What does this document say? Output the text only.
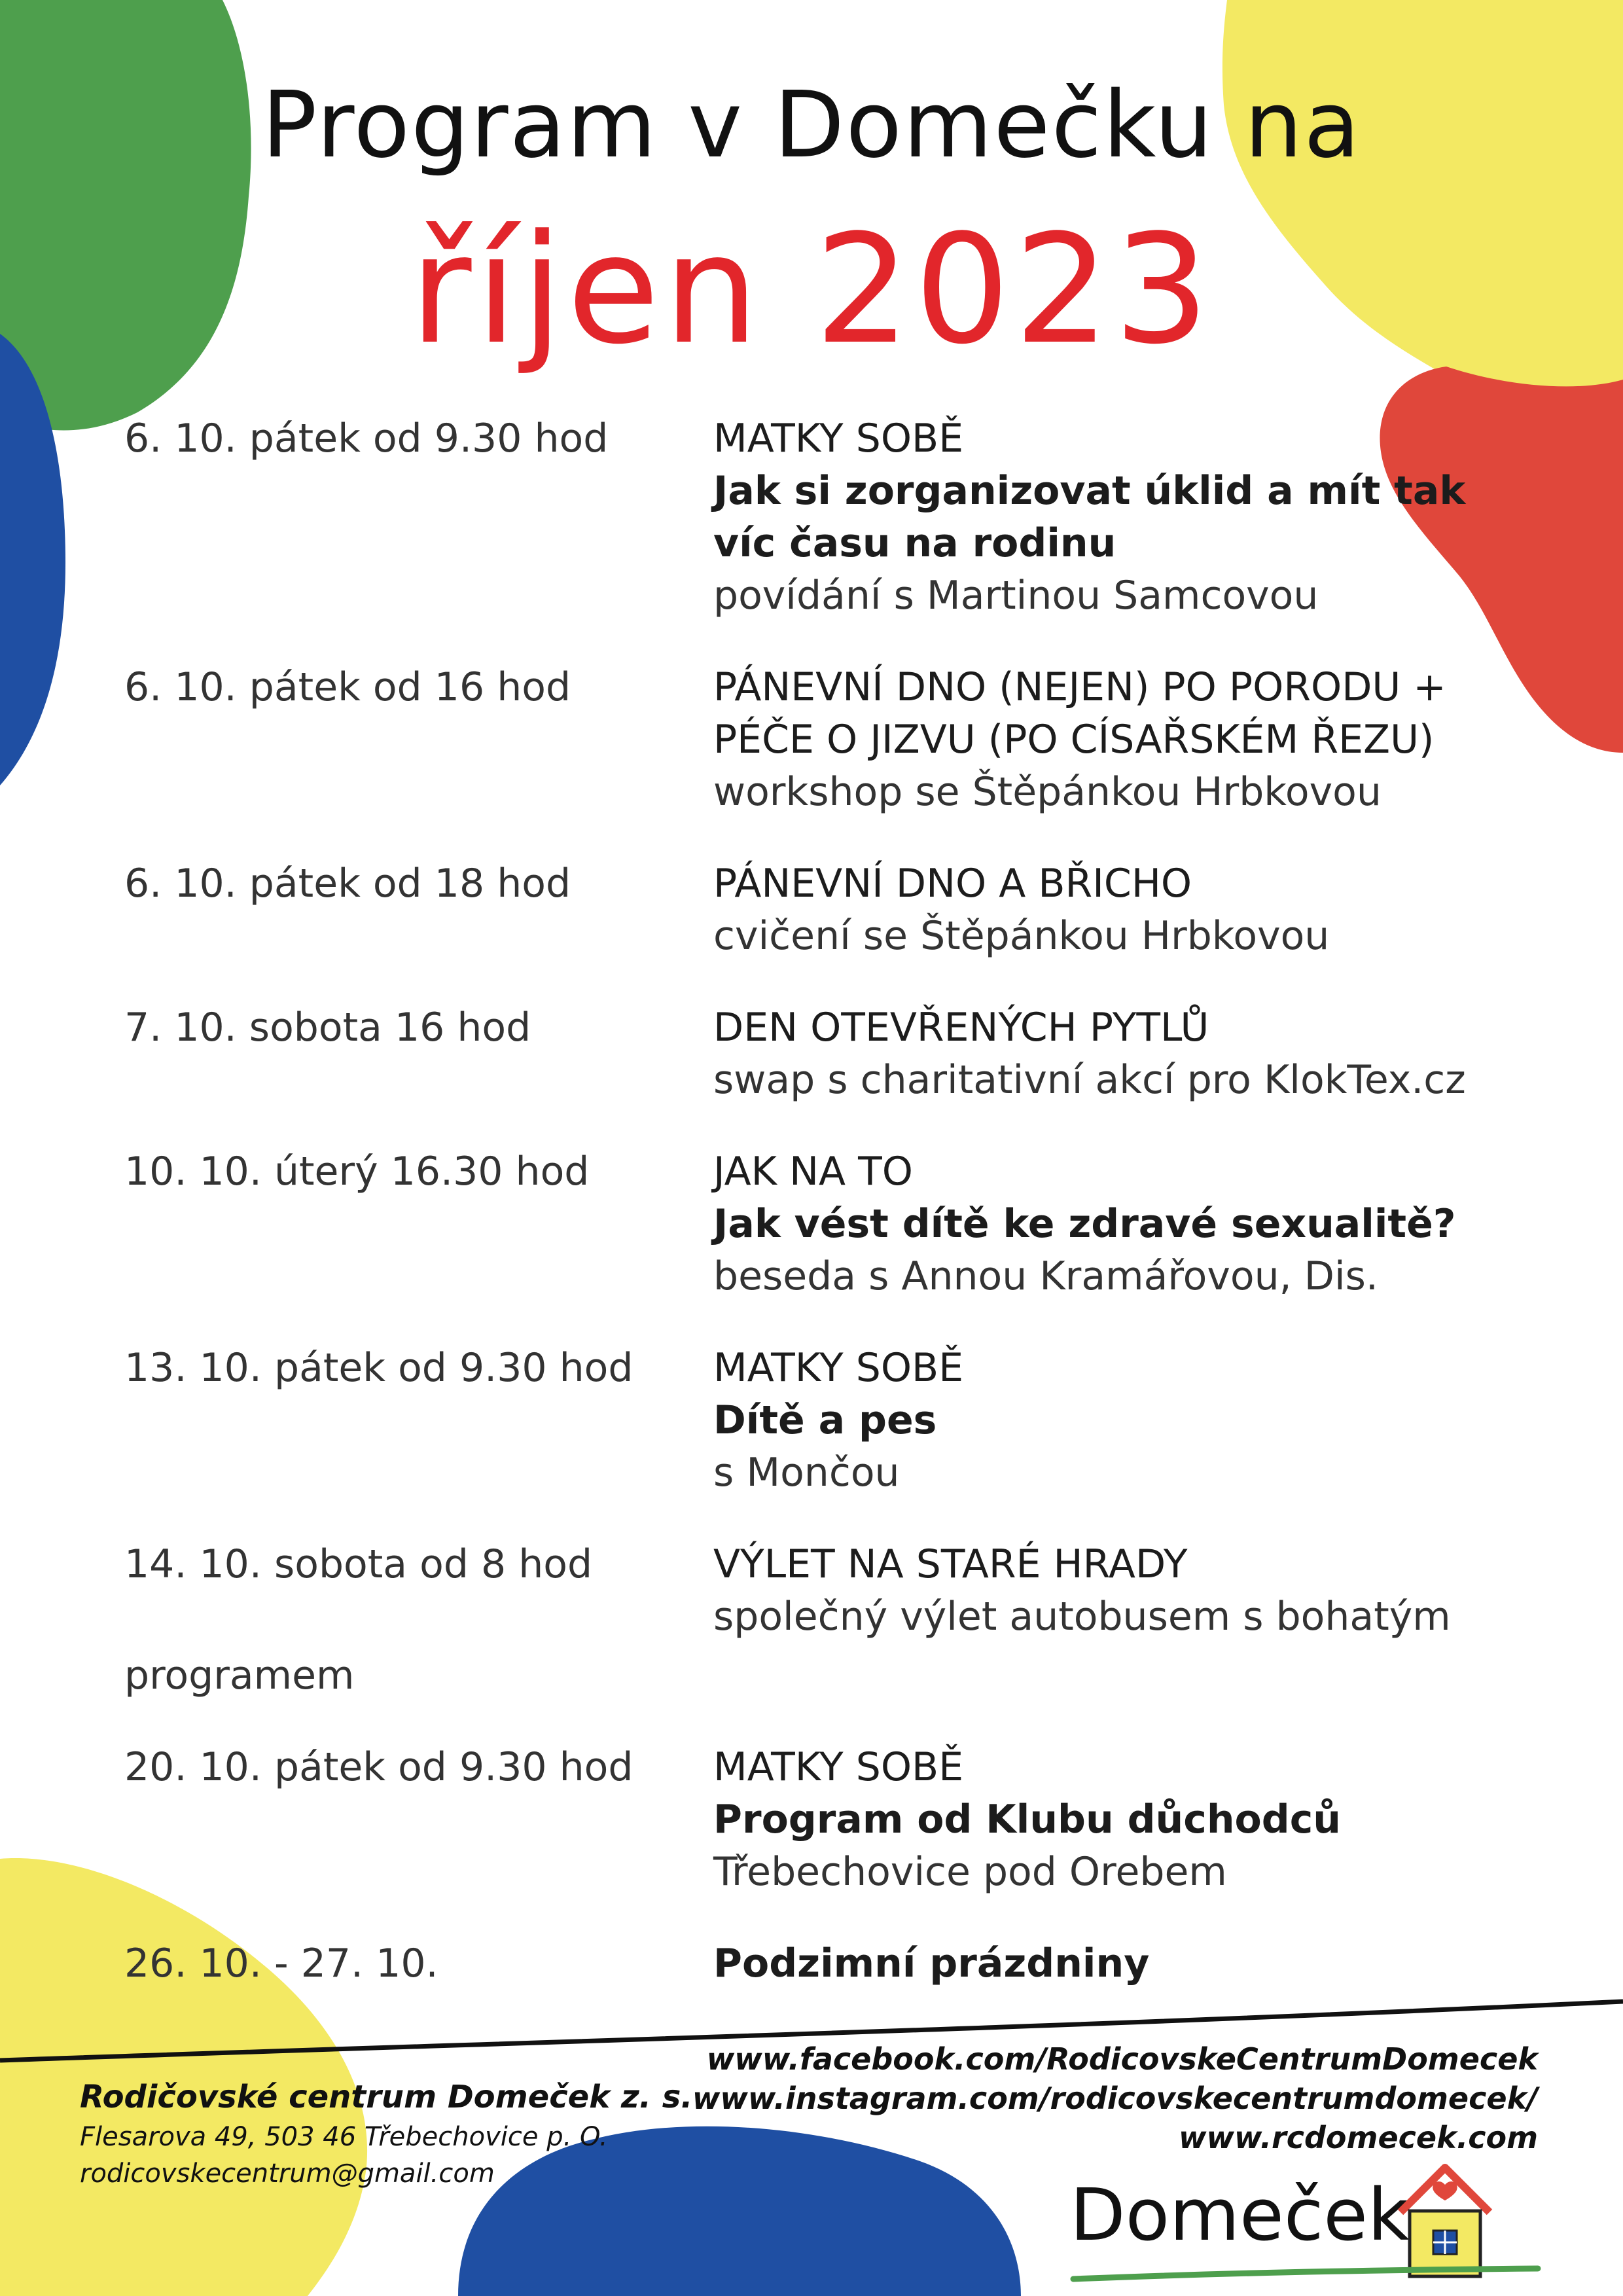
Program v Domečku na
říjen 2023
6. 10. pátek od 9.30 hod	MATKY SOBĚ
Jak si zorganizovat úklid a mít tak víc času na rodinu
povídání s Martinou Samcovou
6. 10. pátek od 16 hod	PÁNEVNÍ DNO (NEJEN) PO PORODU + PÉČE O JIZVU (PO CÍSAŘSKÉM ŘEZU)
workshop se Štěpánkou Hrbkovou
6. 10. pátek od 18 hod	PÁNEVNÍ DNO A BŘICHO
cvičení se Štěpánkou Hrbkovou
7. 10. sobota 16 hod	DEN OTEVŘENÝCH PYTLŮ
swap s charitativní akcí pro KlokTex.cz
10. 10. úterý 16.30 hod	JAK NA TO
Jak vést dítě ke zdravé sexualitě?
beseda s Annou Kramářovou, Dis.
13. 10. pátek od 9.30 hod	MATKY SOBĚ
Dítě a pes
s Mončou
14. 10. sobota od 8 hod	VÝLET NA STARÉ HRADY
společný výlet autobusem s bohatým
programem
20. 10. pátek od 9.30 hod	MATKY SOBĚ
Program od Klubu důchodců
Třebechovice pod Orebem
26. 10. - 27. 10.	Podzimní prázdniny
Rodičovské centrum Domeček z. s.
Flesarova 49, 503 46 Třebechovice p. O.
rodicovskecentrum@gmail.com
www.facebook.com/RodicovskeCentrumDomecek
www.instagram.com/rodicovskecentrumdomecek/
www.rcdomecek.com
Domeček
